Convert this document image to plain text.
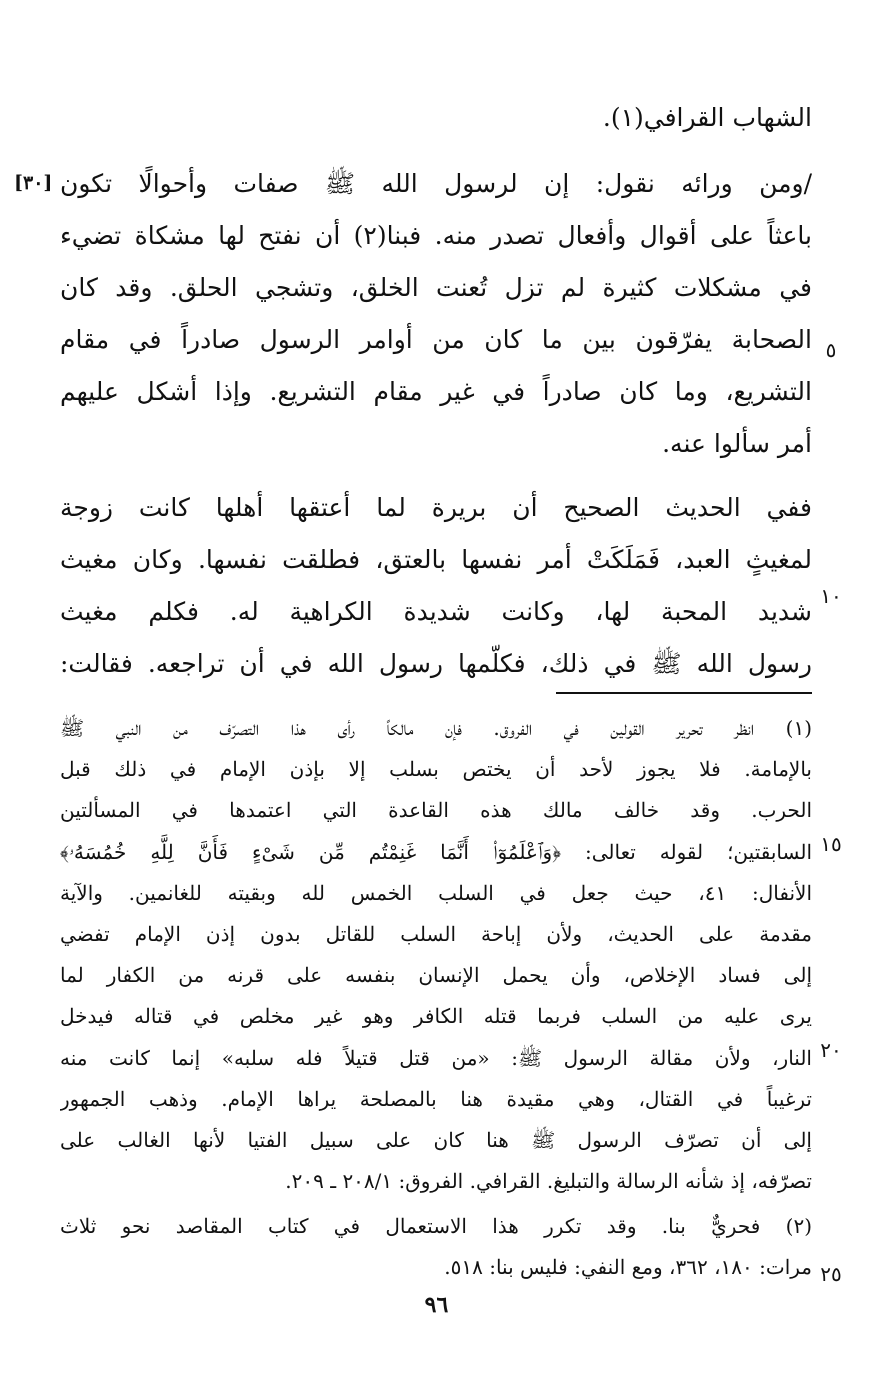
الشهاب القرافي(١).
/ومن ورائه نقول: إن لرسول الله ﷺ صفات وأحوالًا تكون
باعثاً على أقوال وأفعال تصدر منه. فبنا(٢) أن نفتح لها مشكاة تضيء
في مشكلات كثيرة لم تزل تُعنت الخلق، وتشجي الحلق. وقد كان
الصحابة يفرّقون بين ما كان من أوامر الرسول صادراً في مقام
التشريع، وما كان صادراً في غير مقام التشريع. وإذا أشكل عليهم
أمر سألوا عنه.
ففي الحديث الصحيح أن بريرة لما أعتقها أهلها كانت زوجة
لمغيثٍ العبد، فَمَلَكَتْ أمر نفسها بالعتق، فطلقت نفسها. وكان مغيث
شديد المحبة لها، وكانت شديدة الكراهية له. فكلم مغيث
رسول الله ﷺ في ذلك، فكلّمها رسول الله في أن تراجعه. فقالت:
[٣٠]
(١) انظر تحرير القولين في الفروق. فإن مالكاً رأى هذا التصرّف من النبي ﷺ
بالإمامة. فلا يجوز لأحد أن يختص بسلب إلا بإذن الإمام في ذلك قبل
الحرب. وقد خالف مالك هذه القاعدة التي اعتمدها في المسألتين
السابقتين؛ لقوله تعالى: ﴿وَٱعْلَمُوٓا۟ أَنَّمَا غَنِمْتُم مِّن شَىْءٍ فَأَنَّ لِلَّهِ خُمُسَهُۥ﴾
الأنفال: ٤١، حيث جعل في السلب الخمس لله وبقيته للغانمين. والآية
مقدمة على الحديث، ولأن إباحة السلب للقاتل بدون إذن الإمام تفضي
إلى فساد الإخلاص، وأن يحمل الإنسان بنفسه على قرنه من الكفار لما
يرى عليه من السلب فربما قتله الكافر وهو غير مخلص في قتاله فيدخل
النار، ولأن مقالة الرسول ﷺ: «من قتل قتيلاً فله سلبه» إنما كانت منه
ترغيباً في القتال، وهي مقيدة هنا بالمصلحة يراها الإمام. وذهب الجمهور
إلى أن تصرّف الرسول ﷺ هنا كان على سبيل الفتيا لأنها الغالب على
تصرّفه، إذ شأنه الرسالة والتبليغ. القرافي. الفروق: ٢٠٨/١ ـ ٢٠٩.
(٢) فحريٌّ بنا. وقد تكرر هذا الاستعمال في كتاب المقاصد نحو ثلاث
مرات: ١٨٠، ٣٦٢، ومع النفي: فليس بنا: ٥١٨.
٥
١٠
١٥
٢٠
٢٥
٩٦
